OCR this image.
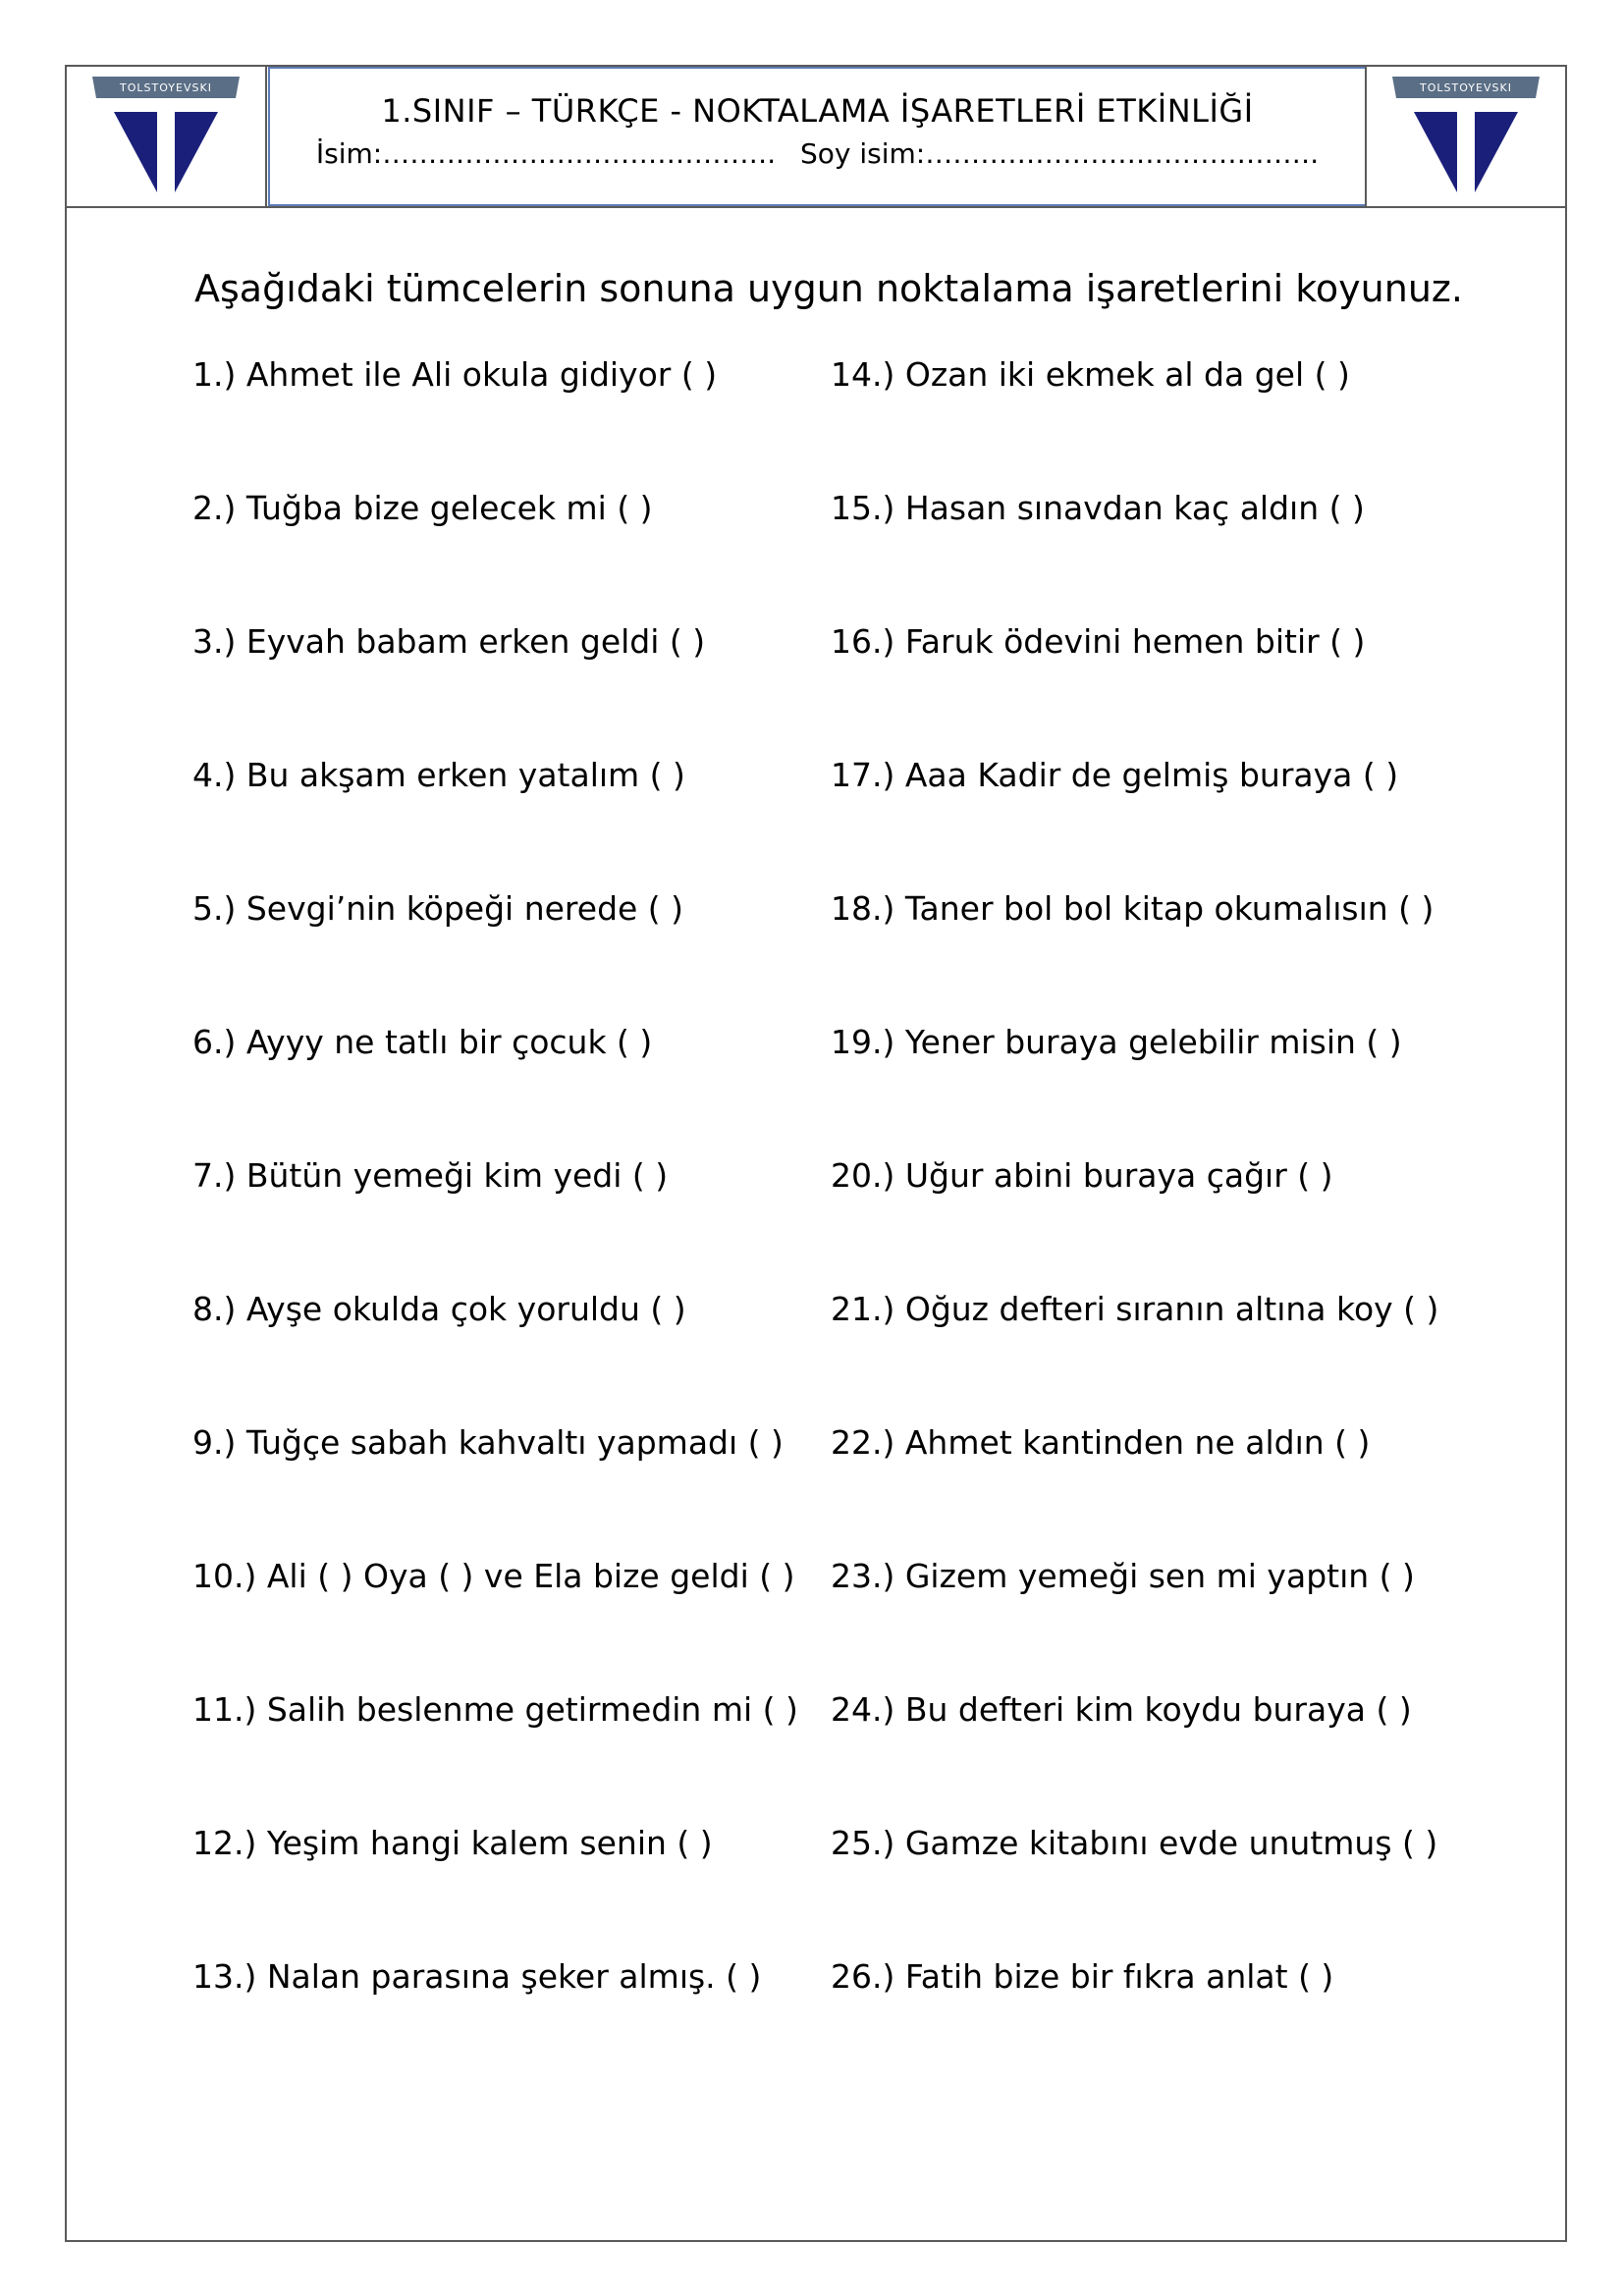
TOLSTOYEVSKI
1.SINIF – TÜRKÇE - NOKTALAMA İŞARETLERİ ETKİNLİĞİ
İsim:……………………………………. Soy isim:…………………………………….
TOLSTOYEVSKI
Aşağıdaki tümcelerin sonuna uygun noktalama işaretlerini koyunuz.
1.) Ahmet ile Ali okula gidiyor ( )
2.) Tuğba bize gelecek mi ( )
3.) Eyvah babam erken geldi ( )
4.) Bu akşam erken yatalım ( )
5.) Sevgi’nin köpeği nerede ( )
6.) Ayyy ne tatlı bir çocuk ( )
7.) Bütün yemeği kim yedi ( )
8.) Ayşe okulda çok yoruldu ( )
9.) Tuğçe sabah kahvaltı yapmadı ( )
10.) Ali ( ) Oya ( ) ve Ela bize geldi ( )
11.) Salih beslenme getirmedin mi ( )
12.) Yeşim hangi kalem senin ( )
13.) Nalan parasına şeker almış. ( )
14.) Ozan iki ekmek al da gel ( )
15.) Hasan sınavdan kaç aldın ( )
16.) Faruk ödevini hemen bitir ( )
17.) Aaa Kadir de gelmiş buraya ( )
18.) Taner bol bol kitap okumalısın ( )
19.) Yener buraya gelebilir misin ( )
20.) Uğur abini buraya çağır ( )
21.) Oğuz defteri sıranın altına koy ( )
22.) Ahmet kantinden ne aldın ( )
23.) Gizem yemeği sen mi yaptın ( )
24.) Bu defteri kim koydu buraya ( )
25.) Gamze kitabını evde unutmuş ( )
26.) Fatih bize bir fıkra anlat ( )
